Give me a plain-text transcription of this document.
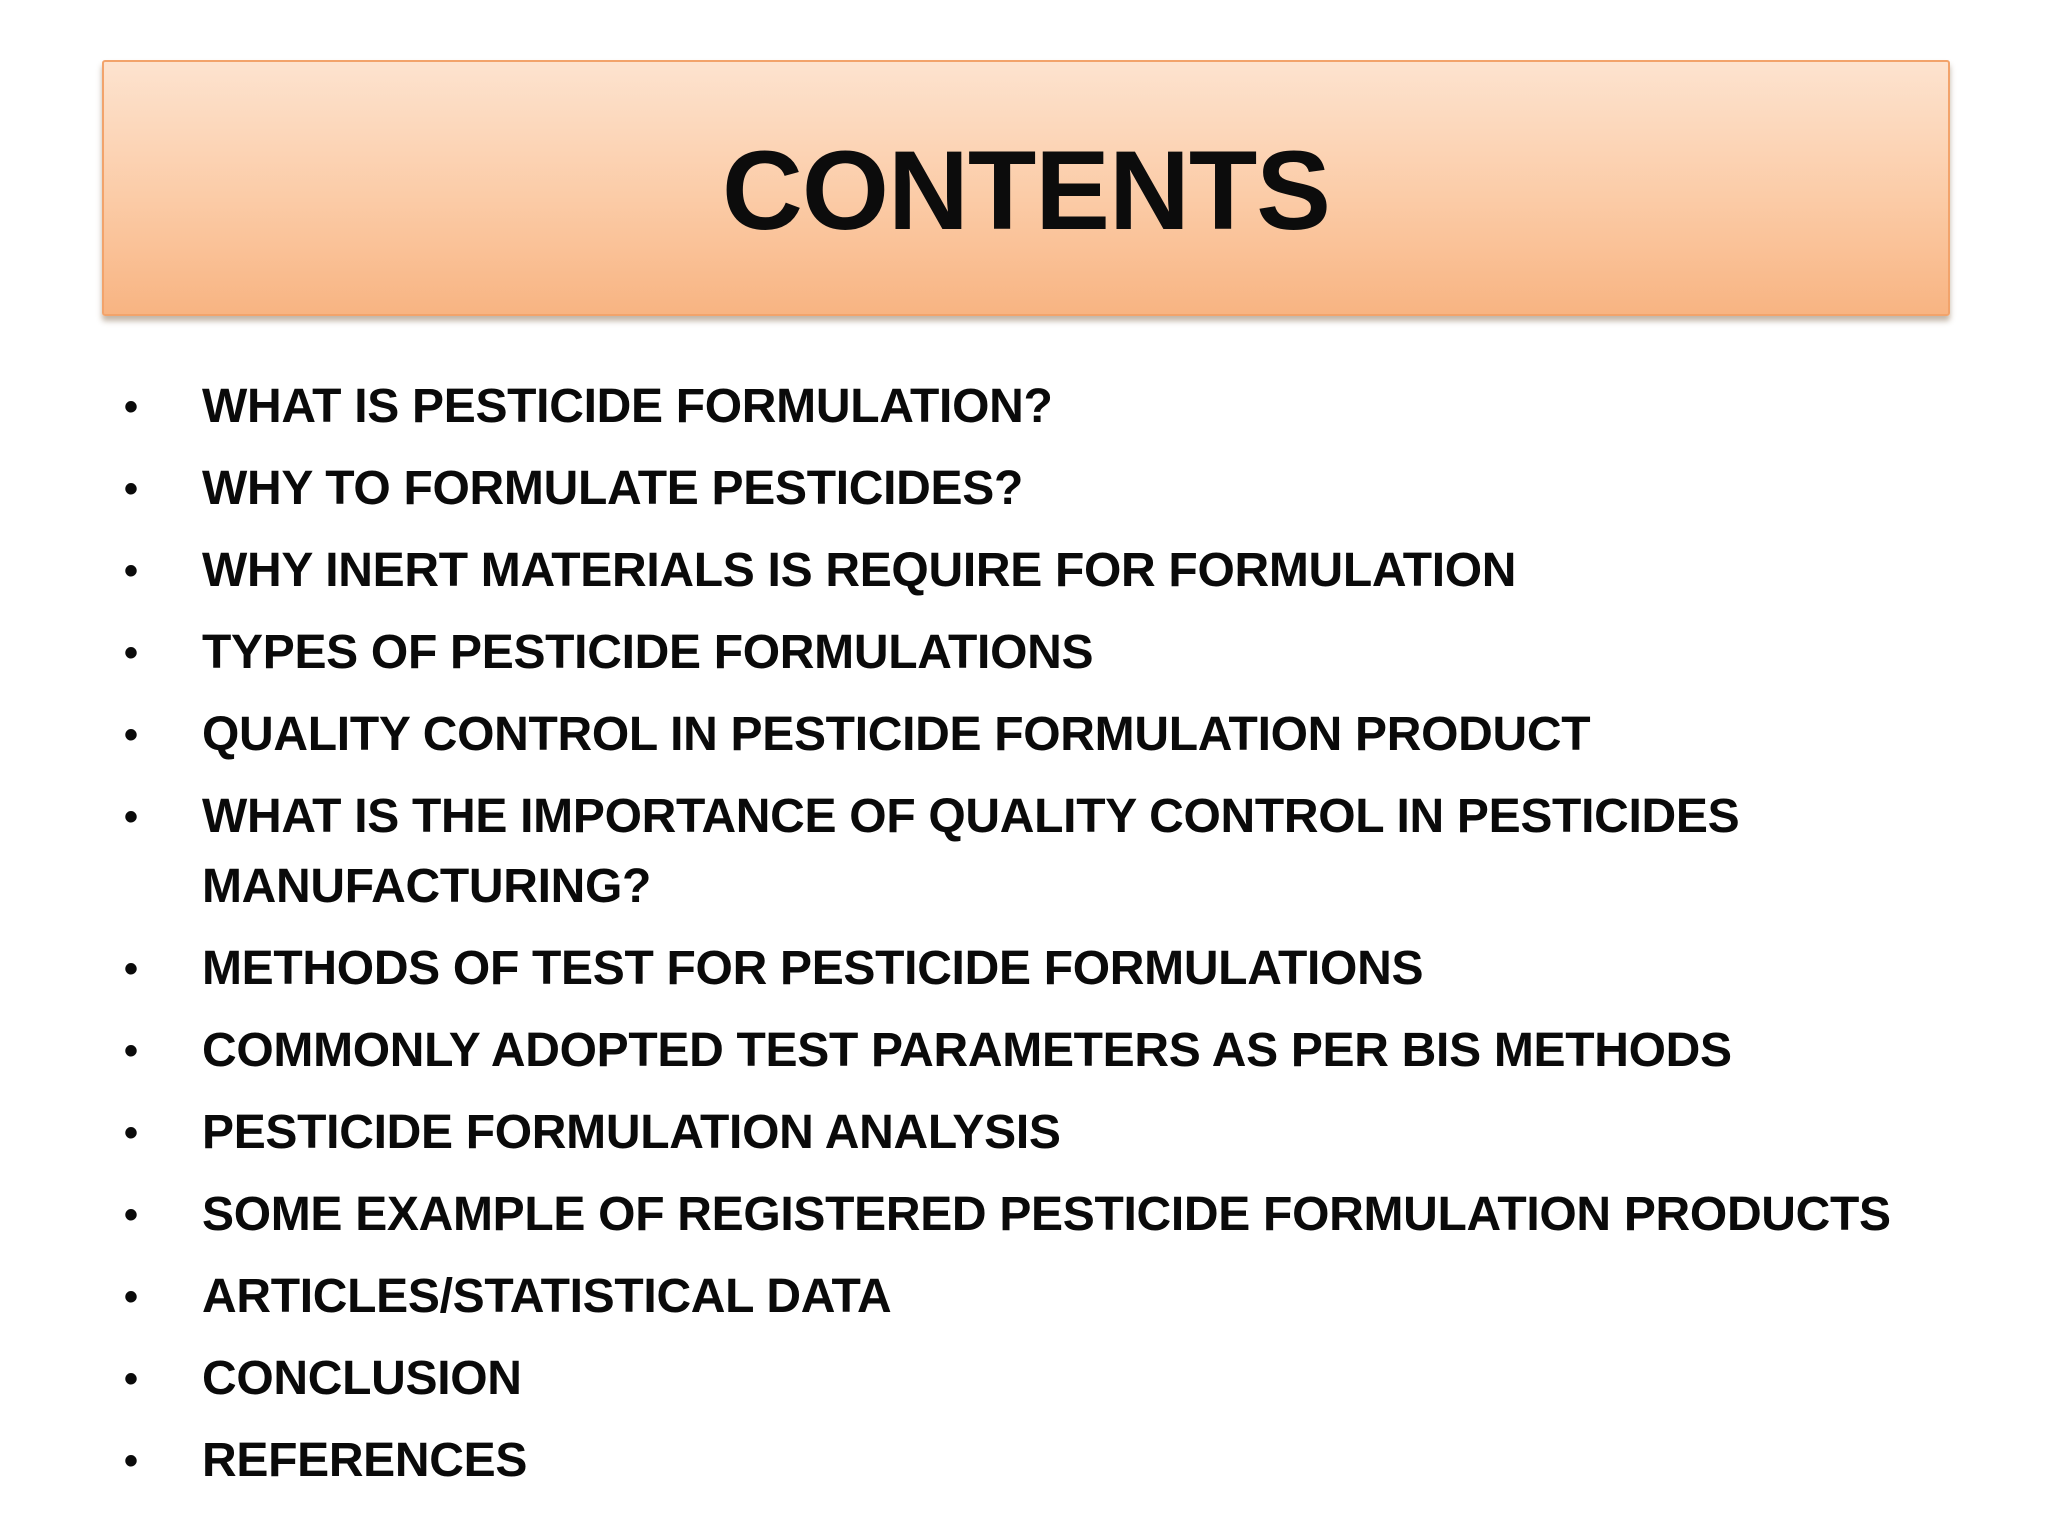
CONTENTS
•	WHAT IS PESTICIDE FORMULATION?
•	WHY TO FORMULATE PESTICIDES?
•	WHY INERT MATERIALS IS REQUIRE FOR FORMULATION
•	TYPES OF PESTICIDE FORMULATIONS
•	QUALITY CONTROL IN PESTICIDE FORMULATION PRODUCT
•	WHAT IS THE IMPORTANCE OF QUALITY CONTROL IN PESTICIDES MANUFACTURING?
•	METHODS OF TEST FOR PESTICIDE FORMULATIONS
•	COMMONLY ADOPTED TEST PARAMETERS AS PER BIS METHODS
•	PESTICIDE FORMULATION ANALYSIS
•	SOME EXAMPLE OF REGISTERED PESTICIDE FORMULATION PRODUCTS
•	ARTICLES/STATISTICAL DATA
•	CONCLUSION
•	REFERENCES
